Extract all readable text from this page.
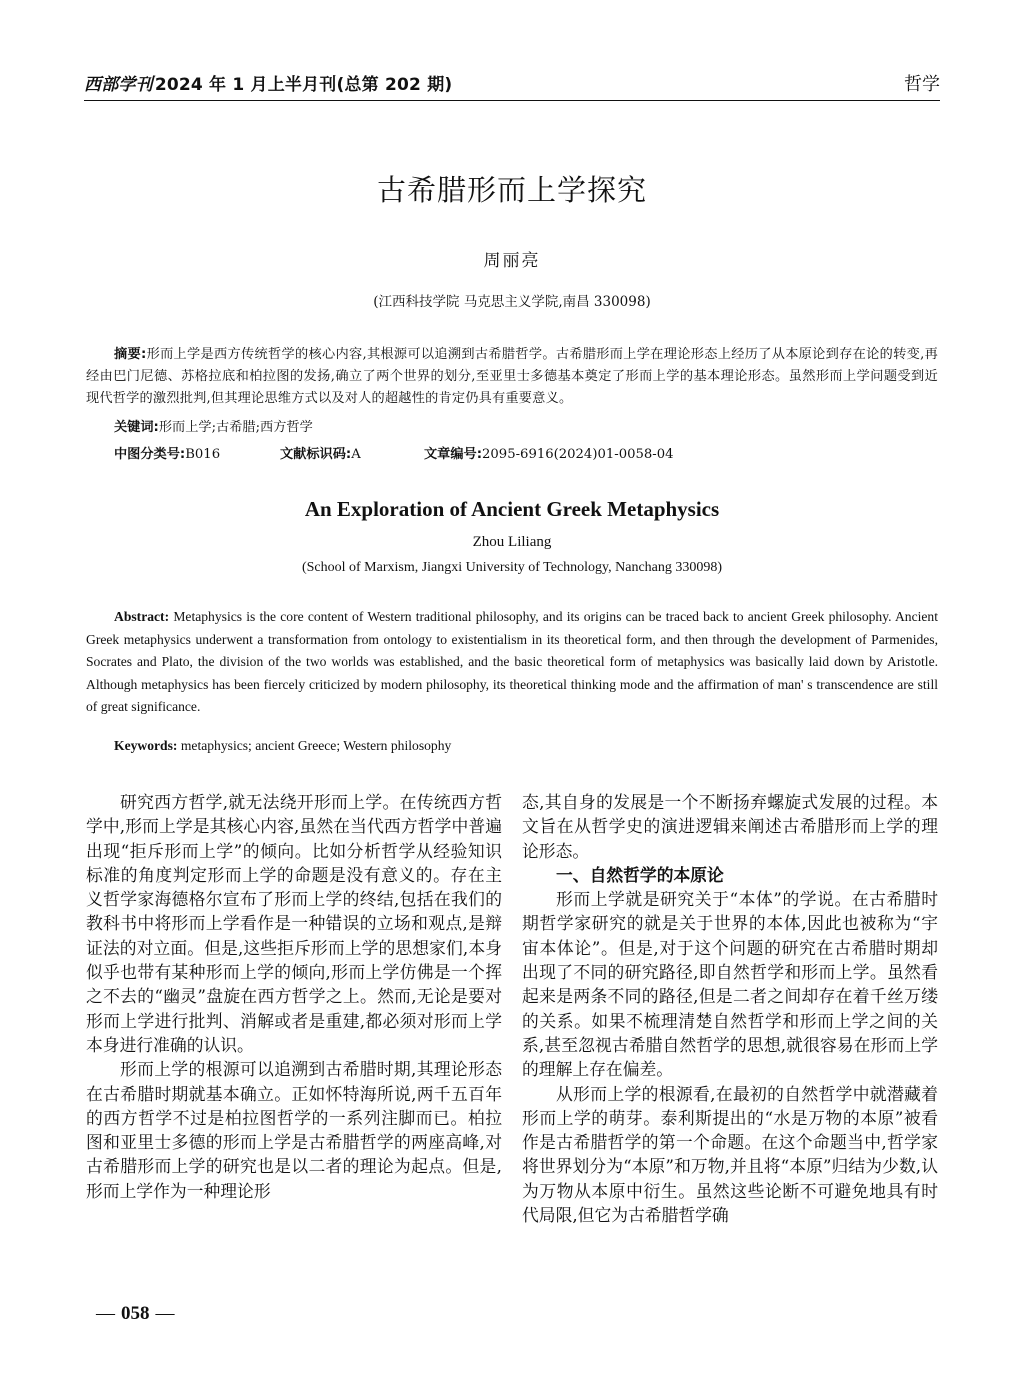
西部学刊 2024 年 1 月上半月刊(总第 202 期)	哲学
古希腊形而上学探究
周丽亮
(江西科技学院 马克思主义学院,南昌 330098)
摘要:形而上学是西方传统哲学的核心内容,其根源可以追溯到古希腊哲学。古希腊形而上学在理论形态上经历了从本原论到存在论的转变,再经由巴门尼德、苏格拉底和柏拉图的发扬,确立了两个世界的划分,至亚里士多德基本奠定了形而上学的基本理论形态。虽然形而上学问题受到近现代哲学的激烈批判,但其理论思维方式以及对人的超越性的肯定仍具有重要意义。
关键词:形而上学;古希腊;西方哲学
中图分类号:B016	文献标识码:A	文章编号:2095-6916(2024)01-0058-04
An Exploration of Ancient Greek Metaphysics
Zhou Liliang
(School of Marxism, Jiangxi University of Technology, Nanchang 330098)
Abstract: Metaphysics is the core content of Western traditional philosophy, and its origins can be traced back to ancient Greek philosophy. Ancient Greek metaphysics underwent a transformation from ontology to existentialism in its theoretical form, and then through the development of Parmenides, Socrates and Plato, the division of the two worlds was established, and the basic theoretical form of metaphysics was basically laid down by Aristotle. Although metaphysics has been fiercely criticized by modern philosophy, its theoretical thinking mode and the affirmation of man' s transcendence are still of great significance.
Keywords: metaphysics; ancient Greece; Western philosophy

研究西方哲学,就无法绕开形而上学。在传统西方哲学中,形而上学是其核心内容,虽然在当代西方哲学中普遍出现“拒斥形而上学”的倾向。比如分析哲学从经验知识标准的角度判定形而上学的命题是没有意义的。存在主义哲学家海德格尔宣布了形而上学的终结,包括在我们的教科书中将形而上学看作是一种错误的立场和观点,是辩证法的对立面。但是,这些拒斥形而上学的思想家们,本身似乎也带有某种形而上学的倾向,形而上学仿佛是一个挥之不去的“幽灵”盘旋在西方哲学之上。然而,无论是要对形而上学进行批判、消解或者是重建,都必须对形而上学本身进行准确的认识。

形而上学的根源可以追溯到古希腊时期,其理论形态在古希腊时期就基本确立。正如怀特海所说,两千五百年的西方哲学不过是柏拉图哲学的一系列注脚而已。柏拉图和亚里士多德的形而上学是古希腊哲学的两座高峰,对古希腊形而上学的研究也是以二者的理论为起点。但是,形而上学作为一种理论形

态,其自身的发展是一个不断扬弃螺旋式发展的过程。本文旨在从哲学史的演进逻辑来阐述古希腊形而上学的理论形态。

一、自然哲学的本原论

形而上学就是研究关于“本体”的学说。在古希腊时期哲学家研究的就是关于世界的本体,因此也被称为“宇宙本体论”。但是,对于这个问题的研究在古希腊时期却出现了不同的研究路径,即自然哲学和形而上学。虽然看起来是两条不同的路径,但是二者之间却存在着千丝万缕的关系。如果不梳理清楚自然哲学和形而上学之间的关系,甚至忽视古希腊自然哲学的思想,就很容易在形而上学的理解上存在偏差。

从形而上学的根源看,在最初的自然哲学中就潜藏着形而上学的萌芽。泰利斯提出的“水是万物的本原”被看作是古希腊哲学的第一个命题。在这个命题当中,哲学家将世界划分为“本原”和万物,并且将“本原”归结为少数,认为万物从本原中衍生。虽然这些论断不可避免地具有时代局限,但它为古希腊哲学确

— 058 —
